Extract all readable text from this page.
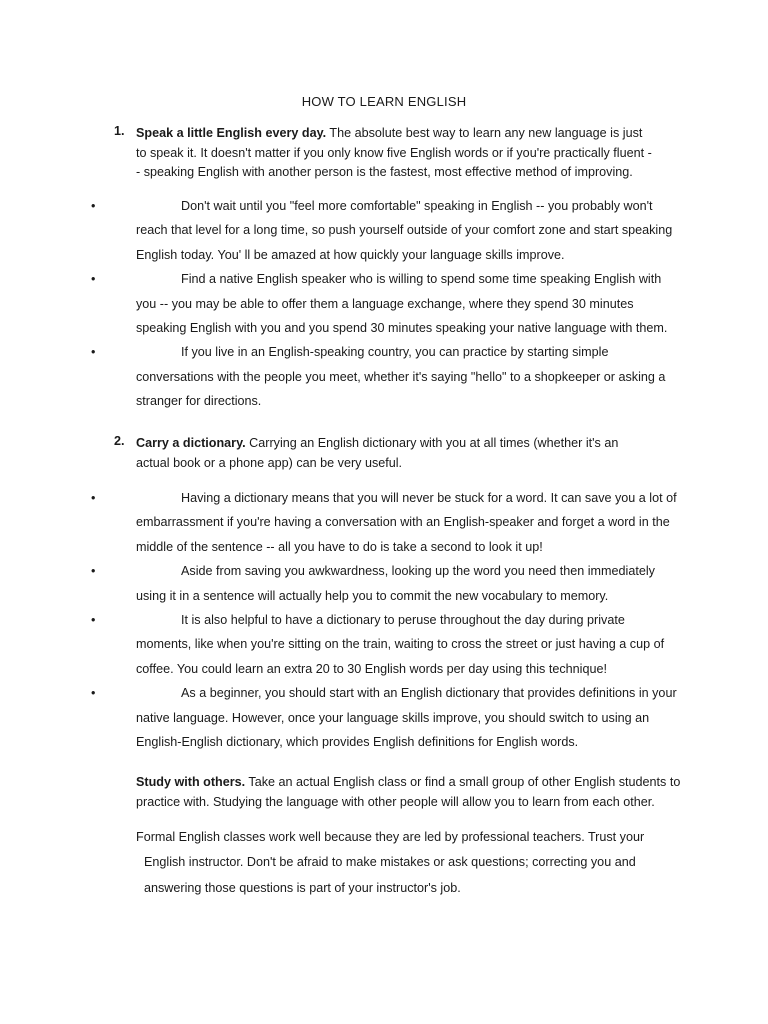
HOW TO LEARN ENGLISH
1. Speak a little English every day. The absolute best way to learn any new language is just to speak it. It doesn't matter if you only know five English words or if you're practically fluent -- speaking English with another person is the fastest, most effective method of improving.
•	Don't wait until you "feel more comfortable" speaking in English -- you probably won't reach that level for a long time, so push yourself outside of your comfort zone and start speaking English today. You' ll be amazed at how quickly your language skills improve.
•	Find a native English speaker who is willing to spend some time speaking English with you -- you may be able to offer them a language exchange, where they spend 30 minutes speaking English with you and you spend 30 minutes speaking your native language with them.
•	If you live in an English-speaking country, you can practice by starting simple conversations with the people you meet, whether it's saying "hello" to a shopkeeper or asking a stranger for directions.
2. Carry a dictionary. Carrying an English dictionary with you at all times (whether it's an actual book or a phone app) can be very useful.
•	Having a dictionary means that you will never be stuck for a word. It can save you a lot of embarrassment if you're having a conversation with an English-speaker and forget a word in the middle of the sentence -- all you have to do is take a second to look it up!
•	Aside from saving you awkwardness, looking up the word you need then immediately using it in a sentence will actually help you to commit the new vocabulary to memory.
•	It is also helpful to have a dictionary to peruse throughout the day during private moments, like when you're sitting on the train, waiting to cross the street or just having a cup of coffee. You could learn an extra 20 to 30 English words per day using this technique!
•	As a beginner, you should start with an English dictionary that provides definitions in your native language. However, once your language skills improve, you should switch to using an English-English dictionary, which provides English definitions for English words.
Study with others. Take an actual English class or find a small group of other English students to practice with. Studying the language with other people will allow you to learn from each other.
Formal English classes work well because they are led by professional teachers. Trust your
English instructor. Don't be afraid to make mistakes or ask questions; correcting you and answering those questions is part of your instructor's job.
